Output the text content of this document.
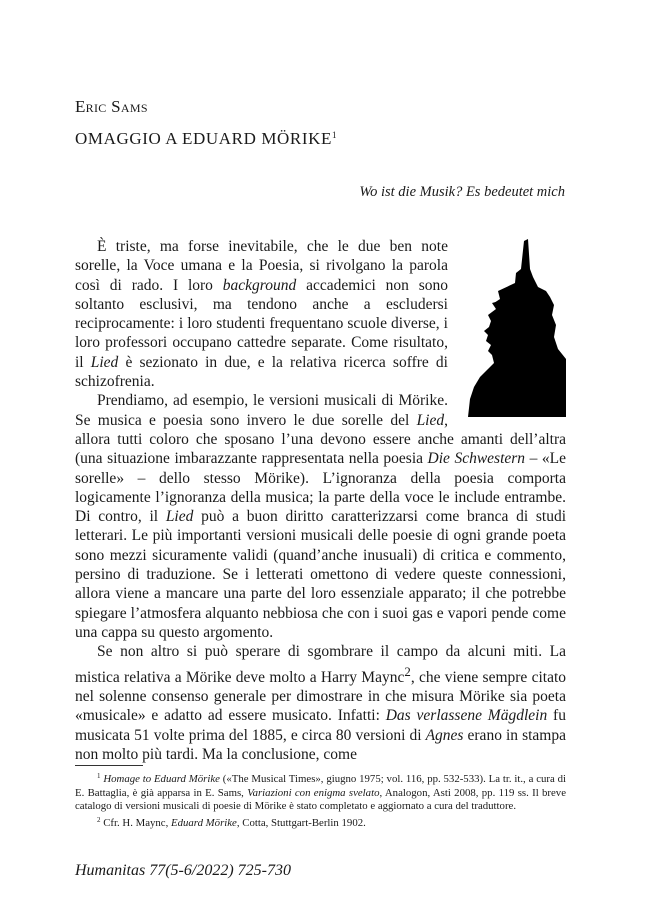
Eric Sams
OMAGGIO A EDUARD MÖRIKE$^1$
Wo ist die Musik? Es bedeutet mich

È triste, ma forse inevitabile, che le due ben note sorelle, la Voce umana e la Poesia, si rivolgano la parola così di rado. I loro background accademici non sono soltanto esclusivi, ma tendono anche a escludersi reciprocamente: i loro studenti frequentano scuole diverse, i loro professori occupano cattedre separate. Come risultato, il Lied è sezionato in due, e la relativa ricerca soffre di schizofrenia.

Prendiamo, ad esempio, le versioni musicali di Mörike. Se musica e poesia sono invero le due sorelle del Lied, allora tutti coloro che sposano l’una devono essere anche amanti dell’altra (una situazione imbarazzante rappresentata nella poesia Die Schwestern – «Le sorelle» – dello stesso Mörike). L’ignoranza della poesia comporta logicamente l’ignoranza della musica; la parte della voce le include entrambe. Di contro, il Lied può a buon diritto caratterizzarsi come branca di studi letterari. Le più importanti versioni musicali delle poesie di ogni grande poeta sono mezzi sicuramente validi (quand’anche inusuali) di critica e commento, persino di traduzione. Se i letterati omettono di vedere queste connessioni, allora viene a mancare una parte del loro essenziale apparato; il che potrebbe spiegare l’atmosfera alquanto nebbiosa che con i suoi gas e vapori pende come una cappa su questo argomento.

Se non altro si può sperare di sgombrare il campo da alcuni miti. La mistica relativa a Mörike deve molto a Harry Maync$^2$, che viene sempre citato nel solenne consenso generale per dimostrare in che misura Mörike sia poeta «musicale» e adatto ad essere musicato. Infatti: Das verlassene Mägdlein fu musicata 51 volte prima del 1885, e circa 80 versioni di Agnes erano in stampa non molto più tardi. Ma la conclusione, come

$^1$ Homage to Eduard Mörike («The Musical Times», giugno 1975; vol. 116, pp. 532-533). La tr. it., a cura di E. Battaglia, è già apparsa in E. Sams, Variazioni con enigma svelato, Analogon, Asti 2008, pp. 119 ss. Il breve catalogo di versioni musicali di poesie di Mörike è stato completato e aggiornato a cura del traduttore.

$^2$ Cfr. H. Maync, Eduard Mörike, Cotta, Stuttgart-Berlin 1902.

Humanitas 77(5-6/2022) 725-730
